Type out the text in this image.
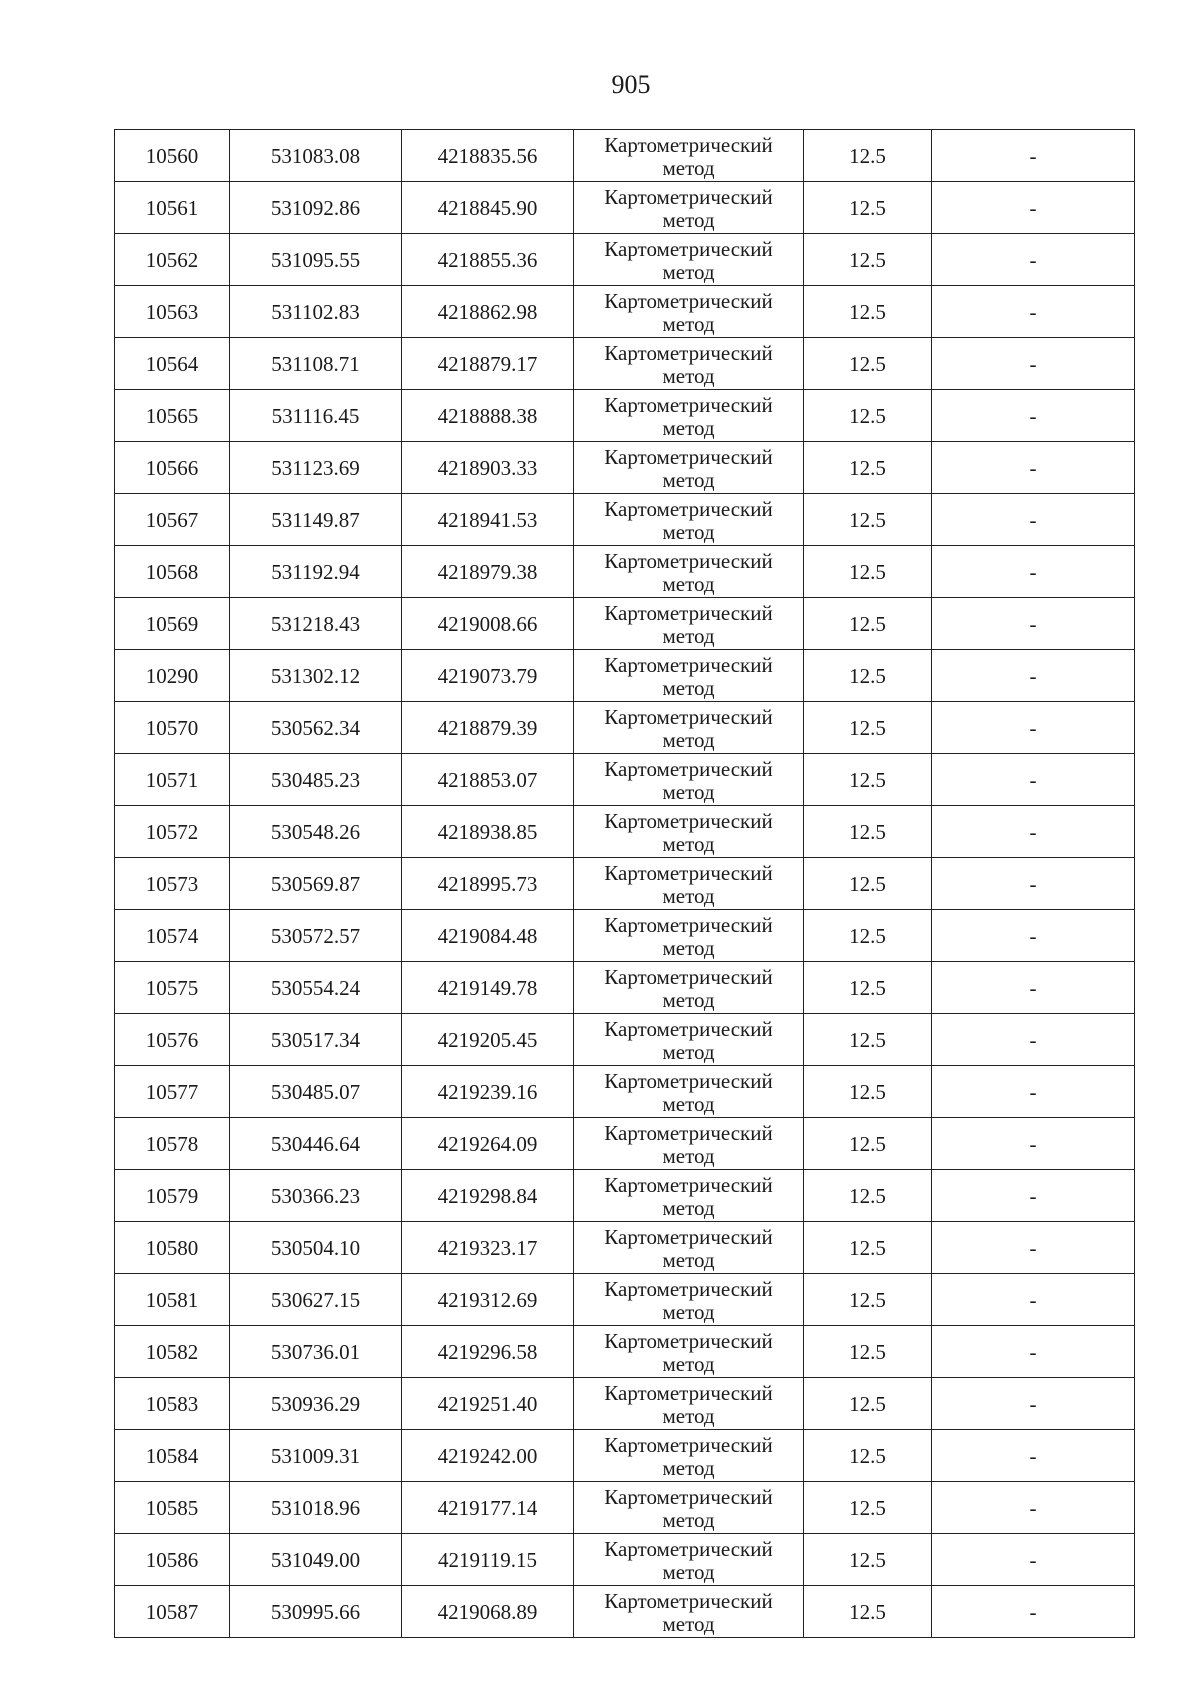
905
10560	531083.08	4218835.56	Картометрический
метод	12.5	-
10561	531092.86	4218845.90	Картометрический
метод	12.5	-
10562	531095.55	4218855.36	Картометрический
метод	12.5	-
10563	531102.83	4218862.98	Картометрический
метод	12.5	-
10564	531108.71	4218879.17	Картометрический
метод	12.5	-
10565	531116.45	4218888.38	Картометрический
метод	12.5	-
10566	531123.69	4218903.33	Картометрический
метод	12.5	-
10567	531149.87	4218941.53	Картометрический
метод	12.5	-
10568	531192.94	4218979.38	Картометрический
метод	12.5	-
10569	531218.43	4219008.66	Картометрический
метод	12.5	-
10290	531302.12	4219073.79	Картометрический
метод	12.5	-
10570	530562.34	4218879.39	Картометрический
метод	12.5	-
10571	530485.23	4218853.07	Картометрический
метод	12.5	-
10572	530548.26	4218938.85	Картометрический
метод	12.5	-
10573	530569.87	4218995.73	Картометрический
метод	12.5	-
10574	530572.57	4219084.48	Картометрический
метод	12.5	-
10575	530554.24	4219149.78	Картометрический
метод	12.5	-
10576	530517.34	4219205.45	Картометрический
метод	12.5	-
10577	530485.07	4219239.16	Картометрический
метод	12.5	-
10578	530446.64	4219264.09	Картометрический
метод	12.5	-
10579	530366.23	4219298.84	Картометрический
метод	12.5	-
10580	530504.10	4219323.17	Картометрический
метод	12.5	-
10581	530627.15	4219312.69	Картометрический
метод	12.5	-
10582	530736.01	4219296.58	Картометрический
метод	12.5	-
10583	530936.29	4219251.40	Картометрический
метод	12.5	-
10584	531009.31	4219242.00	Картометрический
метод	12.5	-
10585	531018.96	4219177.14	Картометрический
метод	12.5	-
10586	531049.00	4219119.15	Картометрический
метод	12.5	-
10587	530995.66	4219068.89	Картометрический
метод	12.5	-
